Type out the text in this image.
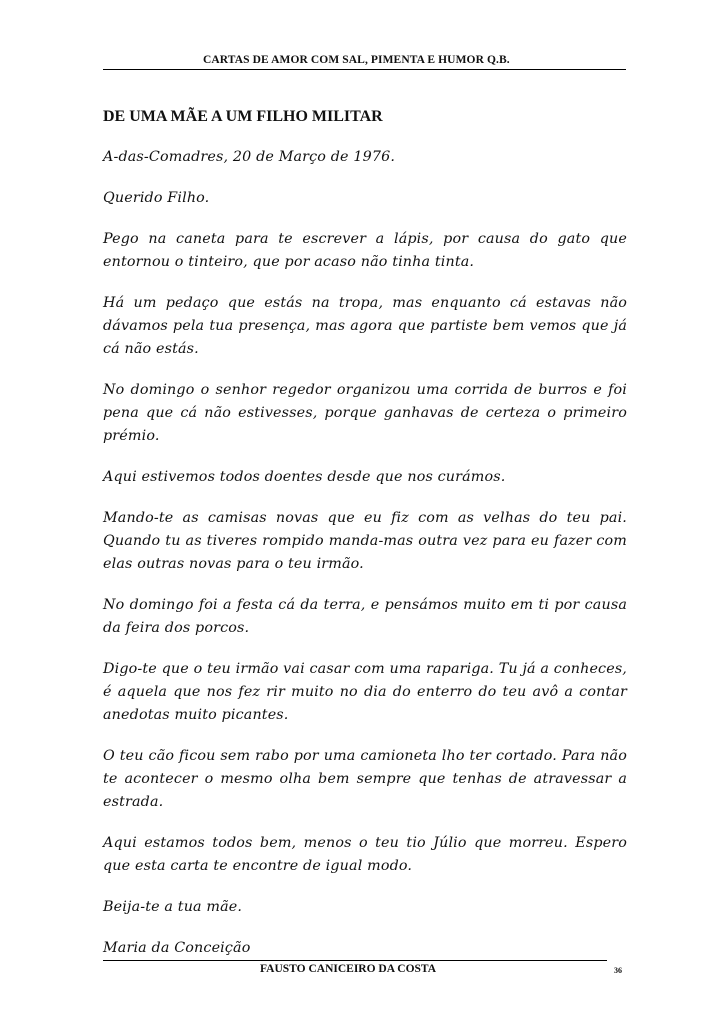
CARTAS DE AMOR COM SAL, PIMENTA E HUMOR Q.B.
DE UMA MÃE A UM FILHO MILITAR

A-das-Comadres, 20 de Março de 1976.

Querido Filho.

Pego na caneta para te escrever a lápis, por causa do gato que entornou o tinteiro, que por acaso não tinha tinta.

Há um pedaço que estás na tropa, mas enquanto cá estavas não dávamos pela tua presença, mas agora que partiste bem vemos que já cá não estás.

No domingo o senhor regedor organizou uma corrida de burros e foi pena que cá não estivesses, porque ganhavas de certeza o primeiro prémio.

Aqui estivemos todos doentes desde que nos curámos.

Mando-te as camisas novas que eu fiz com as velhas do teu pai. Quando tu as tiveres rompido manda-mas outra vez para eu fazer com elas outras novas para o teu irmão.

No domingo foi a festa cá da terra, e pensámos muito em ti por causa da feira dos porcos.

Digo-te que o teu irmão vai casar com uma rapariga. Tu já a conheces, é aquela que nos fez rir muito no dia do enterro do teu avô a contar anedotas muito picantes.

O teu cão ficou sem rabo por uma camioneta lho ter cortado. Para não te acontecer o mesmo olha bem sempre que tenhas de atravessar a estrada.

Aqui estamos todos bem, menos o teu tio Júlio que morreu. Espero que esta carta te encontre de igual modo.

Beija-te a tua mãe.

Maria da Conceição

FAUSTO CANICEIRO DA COSTA	36
